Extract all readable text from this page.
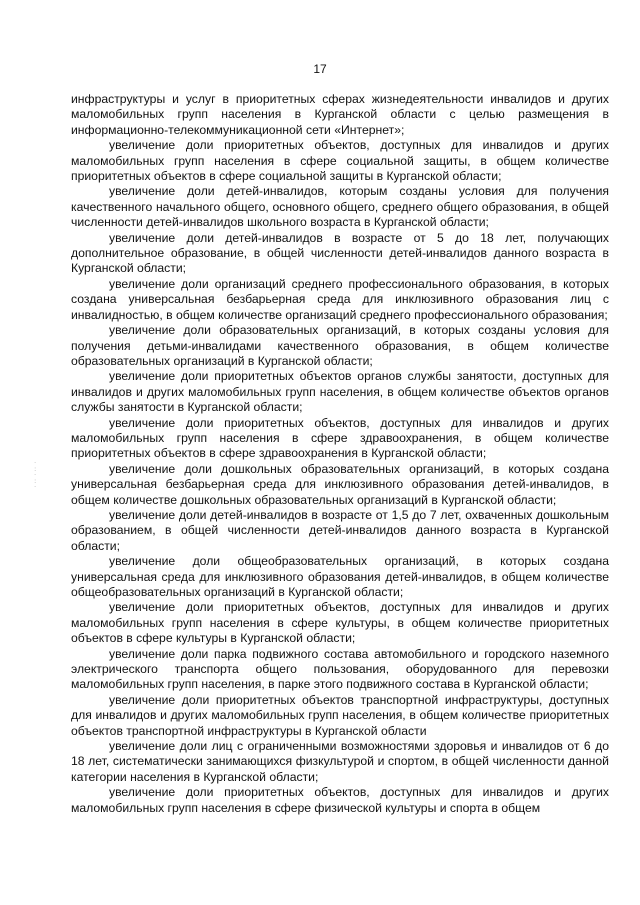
17
·
:
·
:
·

инфраструктуры и услуг в приоритетных сферах жизнедеятельности инвалидов и других маломобильных групп населения в Курганской области с целью размещения в информационно-телекоммуникационной сети «Интернет»;

увеличение доли приоритетных объектов, доступных для инвалидов и других маломобильных групп населения в сфере социальной защиты, в общем количестве приоритетных объектов в сфере социальной защиты в Курганской области;

увеличение доли детей-инвалидов, которым созданы условия для получения качественного начального общего, основного общего, среднего общего образования, в общей численности детей-инвалидов школьного возраста в Курганской области;

увеличение доли детей-инвалидов в возрасте от 5 до 18 лет, получающих дополнительное образование, в общей численности детей-инвалидов данного возраста в Курганской области;

увеличение доли организаций среднего профессионального образования, в которых создана универсальная безбарьерная среда для инклюзивного образования лиц с инвалидностью, в общем количестве организаций среднего профессионального образования;

увеличение доли образовательных организаций, в которых созданы условия для получения детьми-инвалидами качественного образования, в общем количестве образовательных организаций в Курганской области;

увеличение доли приоритетных объектов органов службы занятости, доступных для инвалидов и других маломобильных групп населения, в общем количестве объектов органов службы занятости в Курганской области;

увеличение доли приоритетных объектов, доступных для инвалидов и других маломобильных групп населения в сфере здравоохранения, в общем количестве приоритетных объектов в сфере здравоохранения в Курганской области;

увеличение доли дошкольных образовательных организаций, в которых создана универсальная безбарьерная среда для инклюзивного образования детей-инвалидов, в общем количестве дошкольных образовательных организаций в Курганской области;

увеличение доли детей-инвалидов в возрасте от 1,5 до 7 лет, охваченных дошкольным образованием, в общей численности детей-инвалидов данного возраста в Курганской области;

увеличение доли общеобразовательных организаций, в которых создана универсальная среда для инклюзивного образования детей-инвалидов, в общем количестве общеобразовательных организаций в Курганской области;

увеличение доли приоритетных объектов, доступных для инвалидов и других маломобильных групп населения в сфере культуры, в общем количестве приоритетных объектов в сфере культуры в Курганской области;

увеличение доли парка подвижного состава автомобильного и городского наземного электрического транспорта общего пользования, оборудованного для перевозки маломобильных групп населения, в парке этого подвижного состава в Курганской области;

увеличение доли приоритетных объектов транспортной инфраструктуры, доступных для инвалидов и других маломобильных групп населения, в общем количестве приоритетных объектов транспортной инфраструктуры в Курганской области

увеличение доли лиц с ограниченными возможностями здоровья и инвалидов от 6 до 18 лет, систематически занимающихся физкультурой и спортом, в общей численности данной категории населения в Курганской области;

увеличение доли приоритетных объектов, доступных для инвалидов и других маломобильных групп населения в сфере физической культуры и спорта в общем
